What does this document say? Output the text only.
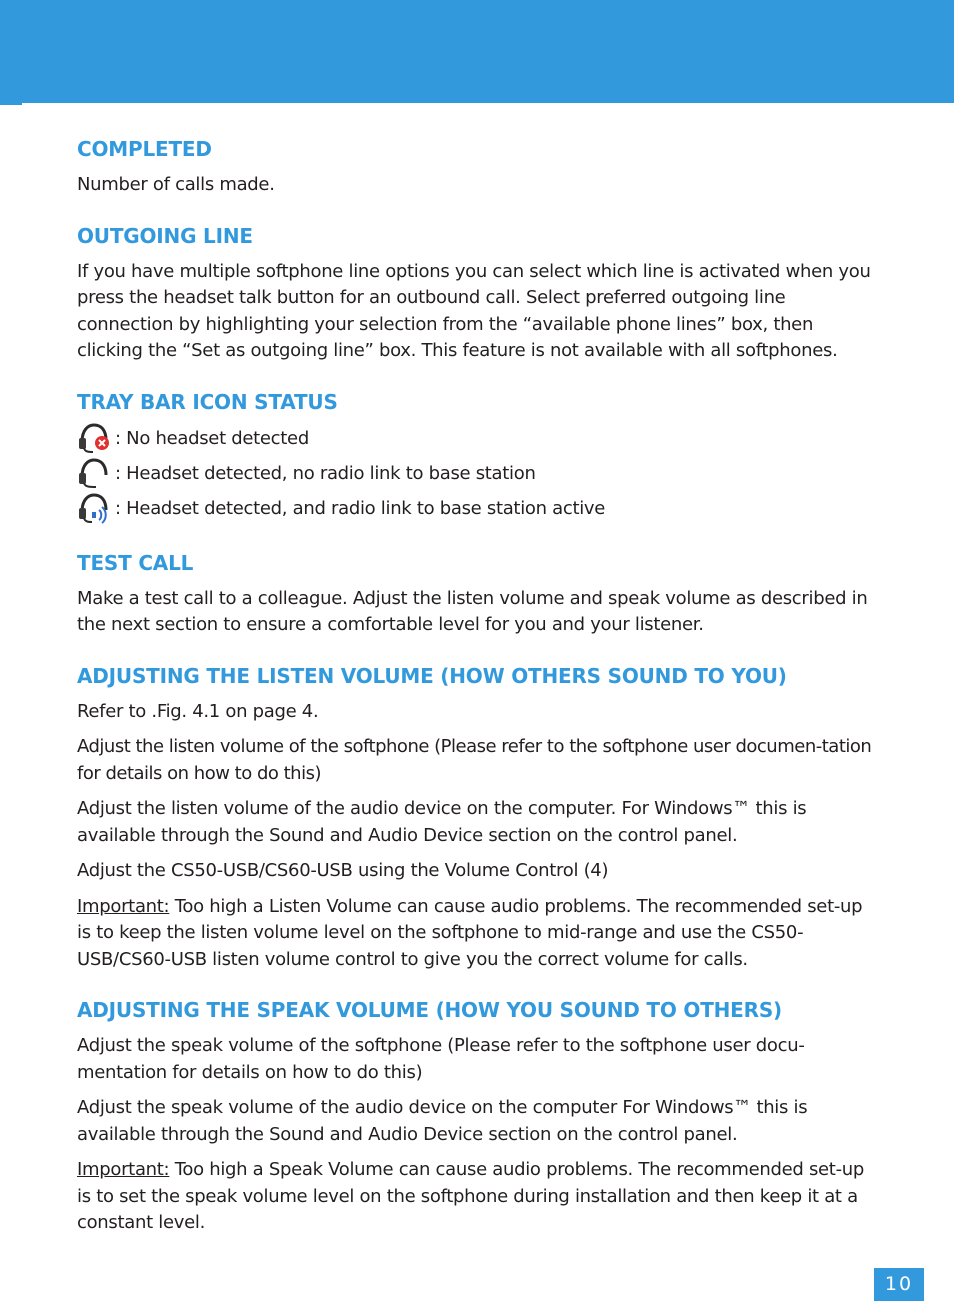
COMPLETED

Number of calls made.

OUTGOING LINE

If you have multiple softphone line options you can select which line is activated when you press the headset talk button for an outbound call. Select preferred outgoing line connection by highlighting your selection from the “available phone lines” box, then clicking the “Set as outgoing line” box. This feature is not available with all softphones.

TRAY BAR ICON STATUS
: No headset detected
: Headset detected, no radio link to base station
: Headset detected, and radio link to base station active
TEST CALL

Make a test call to a colleague. Adjust the listen volume and speak volume as described in the next section to ensure a comfortable level for you and your listener.

ADJUSTING THE LISTEN VOLUME (HOW OTHERS SOUND TO YOU)

Refer to .Fig. 4.1 on page 4.

Adjust the listen volume of the softphone (Please refer to the softphone user documen-tation for details on how to do this)

Adjust the listen volume of the audio device on the computer. For Windows™ this is available through the Sound and Audio Device section on the control panel.

Adjust the CS50-USB/CS60-USB using the Volume Control (4)

Important: Too high a Listen Volume can cause audio problems. The recommended set-up is to keep the listen volume level on the softphone to mid-range and use the CS50-USB/CS60-USB listen volume control to give you the correct volume for calls.

ADJUSTING THE SPEAK VOLUME (HOW YOU SOUND TO OTHERS)

Adjust the speak volume of the softphone (Please refer to the softphone user docu-mentation for details on how to do this)

Adjust the speak volume of the audio device on the computer For Windows™ this is available through the Sound and Audio Device section on the control panel.

Important: Too high a Speak Volume can cause audio problems. The recommended set-up is to set the speak volume level on the softphone during installation and then keep it at a constant level.

10
